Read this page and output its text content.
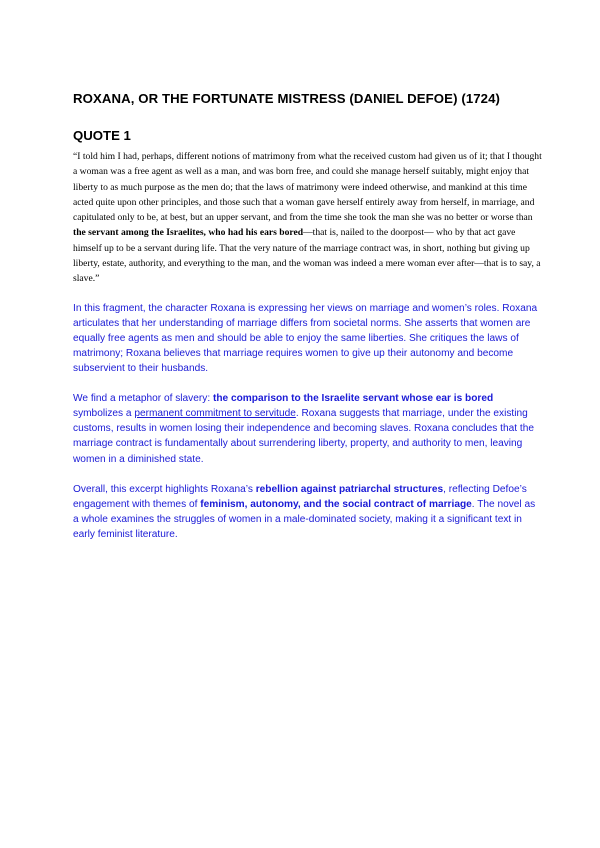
ROXANA, OR THE FORTUNATE MISTRESS (DANIEL DEFOE) (1724)
QUOTE 1

“I told him I had, perhaps, different notions of matrimony from what the received custom had given us of it; that I thought a woman was a free agent as well as a man, and was born free, and could she manage herself suitably, might enjoy that liberty to as much purpose as the men do; that the laws of matrimony were indeed otherwise, and mankind at this time acted quite upon other principles, and those such that a woman gave herself entirely away from herself, in marriage, and capitulated only to be, at best, but an upper servant, and from the time she took the man she was no better or worse than the servant among the Israelites, who had his ears bored—that is, nailed to the doorpost— who by that act gave himself up to be a servant during life. That the very nature of the marriage contract was, in short, nothing but giving up liberty, estate, authority, and everything to the man, and the woman was indeed a mere woman ever after—that is to say, a slave.”

In this fragment, the character Roxana is expressing her views on marriage and women’s roles. Roxana articulates that her understanding of marriage differs from societal norms. She asserts that women are equally free agents as men and should be able to enjoy the same liberties. She critiques the laws of matrimony; Roxana believes that marriage requires women to give up their autonomy and become subservient to their husbands.

We find a metaphor of slavery: the comparison to the Israelite servant whose ear is bored symbolizes a permanent commitment to servitude. Roxana suggests that marriage, under the existing customs, results in women losing their independence and becoming slaves. Roxana concludes that the marriage contract is fundamentally about surrendering liberty, property, and authority to men, leaving women in a diminished state.

Overall, this excerpt highlights Roxana’s rebellion against patriarchal structures, reflecting Defoe’s engagement with themes of feminism, autonomy, and the social contract of marriage. The novel as a whole examines the struggles of women in a male-dominated society, making it a significant text in early feminist literature.
